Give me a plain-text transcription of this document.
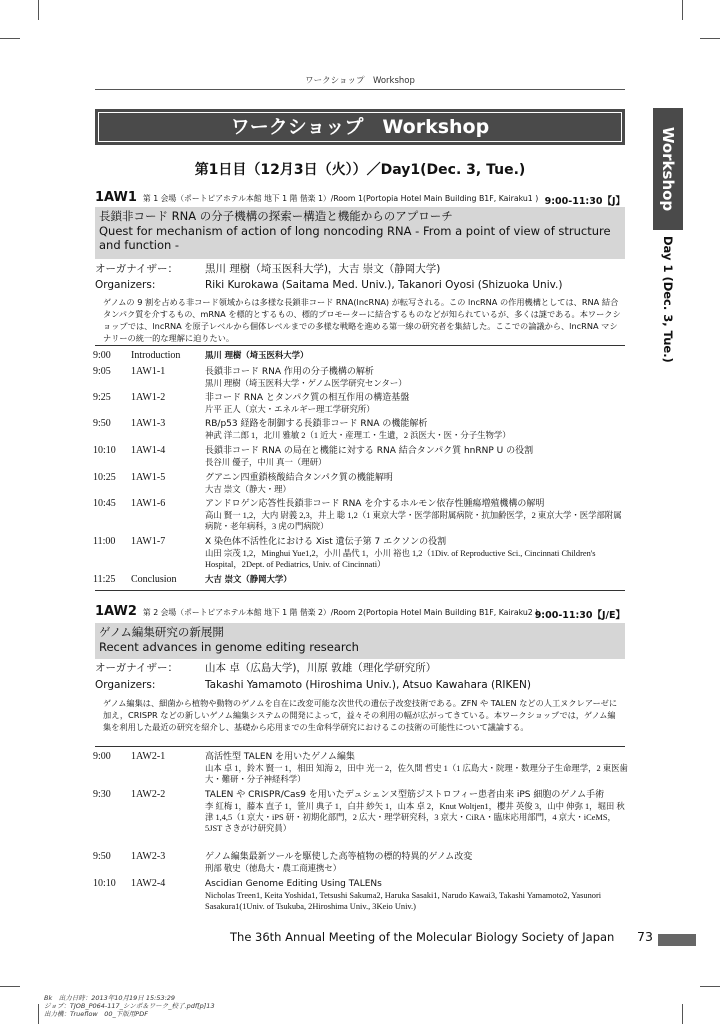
ワークショップ　Workshop
ワークショップ　Workshop	Workshop
Day 1 (Dec. 3, Tue.)
第1日目（12月3日（火））／Day1(Dec. 3, Tue.)
1AW1 第 1 会場（ポートピアホテル本館 地下 1 階 偕楽 1）/Room 1(Portopia Hotel Main Building B1F, Kairaku1 ) 9:00-11:30【J】
長鎖非コード RNA の分子機構の探索ー構造と機能からのアプローチ
Quest for mechanism of action of long noncoding RNA - From a point of view of structure and function -
オーガナイザー：	黒川 理樹（埼玉医科大学)，大吉 崇文（静岡大学)
Organizers:	Riki Kurokawa (Saitama Med. Univ.), Takanori Oyosi (Shizuoka Univ.)
ゲノムの 9 割を占める非コード領域からは多様な長鎖非コード RNA(lncRNA) が転写される。この lncRNA の作用機構としては、RNA 結合タンパク質を介するもの、mRNA を標的とするもの、標的プロモーターに結合するものなどが知られているが、多くは謎である。本ワークショップでは、lncRNA を原子レベルから個体レベルまでの多様な戦略を進める第一線の研究者を集結した。ここでの論議から、lncRNA マシナリーの統一的な理解に迫りたい。
9:00 Introduction	黒川 理樹（埼玉医科大学）
9:05 1AW1-1	長鎖非コード RNA 作用の分子機構の解析
黒川 理樹（埼玉医科大学・ゲノム医学研究センター）
9:25 1AW1-2	非コード RNA とタンパク質の相互作用の構造基盤
片平 正人（京大・エネルギー理工学研究所）
9:50 1AW1-3	RB/p53 経路を制御する長鎖非コード RNA の機能解析
神武 洋二郎 1，北川 雅敏 2（1 近大・産理工・生遺，2 浜医大・医・分子生物学）
10:10 1AW1-4	長鎖非コード RNA の局在と機能に対する RNA 結合タンパク質 hnRNP U の役割
長谷川 優子，中川 真一（理研）
10:25 1AW1-5	グアニン四重鎖核酸結合タンパク質の機能解明
大吉 崇文（静大・理）
10:45 1AW1-6	アンドロゲン応答性長鎖非コード RNA を介するホルモン依存性腫瘍増殖機構の解明
高山 賢一 1,2，大内 尉義 2,3，井上 聡 1,2（1 東京大学・医学部附属病院・抗加齢医学，2 東京大学・医学部附属病院・老年病科，3 虎の門病院）
11:00 1AW1-7	X 染色体不活性化における Xist 遺伝子第 7 エクソンの役割
山田 宗茂 1,2，Minghui Yue1,2，小川 晶代 1，小川 裕也 1,2（1Div. of Reproductive Sci., Cincinnati Children's Hospital，2Dept. of Pediatrics, Univ. of Cincinnati）
11:25 Conclusion	大吉 崇文（静岡大学）
1AW2 第 2 会場（ポートピアホテル本館 地下 1 階 偕楽 2）/Room 2(Portopia Hotel Main Building B1F, Kairaku2 )
9:00-11:30【J/E】
ゲノム編集研究の新展開
Recent advances in genome editing research
オーガナイザー：	山本 卓（広島大学)，川原 敦雄（理化学研究所）
Organizers:	Takashi Yamamoto (Hiroshima Univ.), Atsuo Kawahara (RIKEN)
ゲノム編集は、細菌から植物や動物のゲノムを自在に改変可能な次世代の遺伝子改変技術である。ZFN や TALEN などの人工ヌクレアーゼに加え，CRISPR などの新しいゲノム編集システムの開発によって，益々その利用の幅が広がってきている。本ワークショップでは，ゲノム編集を利用した最近の研究を紹介し、基礎から応用までの生命科学研究におけるこの技術の可能性について議論する。
9:00 1AW2-1	高活性型 TALEN を用いたゲノム編集
山本 卓 1，鈴木 賢一 1，相田 知海 2，田中 光一 2，佐久間 哲史 1（1 広島大・院理・数理分子生命理学，2 東医歯大・難研・分子神経科学）
9:30 1AW2-2	TALEN や CRISPR/Cas9 を用いたデュシェンヌ型筋ジストロフィー患者由来 iPS 細胞のゲノム手術
李 紅梅 1，藤本 直子 1，笹川 典子 1，白井 紗矢 1，山本 卓 2，Knut Woltjen1，櫻井 英俊 3，山中 伸弥 1，堀田 秋津 1,4,5（1 京大・iPS 研・初期化部門，2 広大・理学研究科，3 京大・CiRA・臨床応用部門，4 京大・iCeMS，5JST さきがけ研究員）
9:50 1AW2-3	ゲノム編集最新ツールを駆使した高等植物の標的特異的ゲノム改変
刑部 敬史（徳島大・農工商連携セ）
10:10 1AW2-4	Ascidian Genome Editing Using TALENs
Nicholas Treen1, Keita Yoshida1, Tetsushi Sakuma2, Haruka Sasaki1, Narudo Kawai3, Takashi Yamamoto2, Yasunori Sasakura1(1Univ. of Tsukuba, 2Hiroshima Univ., 3Keio Univ.)
The 36th Annual Meeting of the Molecular Biology Society of Japan 73
Bk　出力日時：2013年10月19日 15:53:29
ジョブ：TJOB_P064-117_シンポ＆ワーク_校了.pdf[p]13
出力機：Trueflow　00_下版用PDF
